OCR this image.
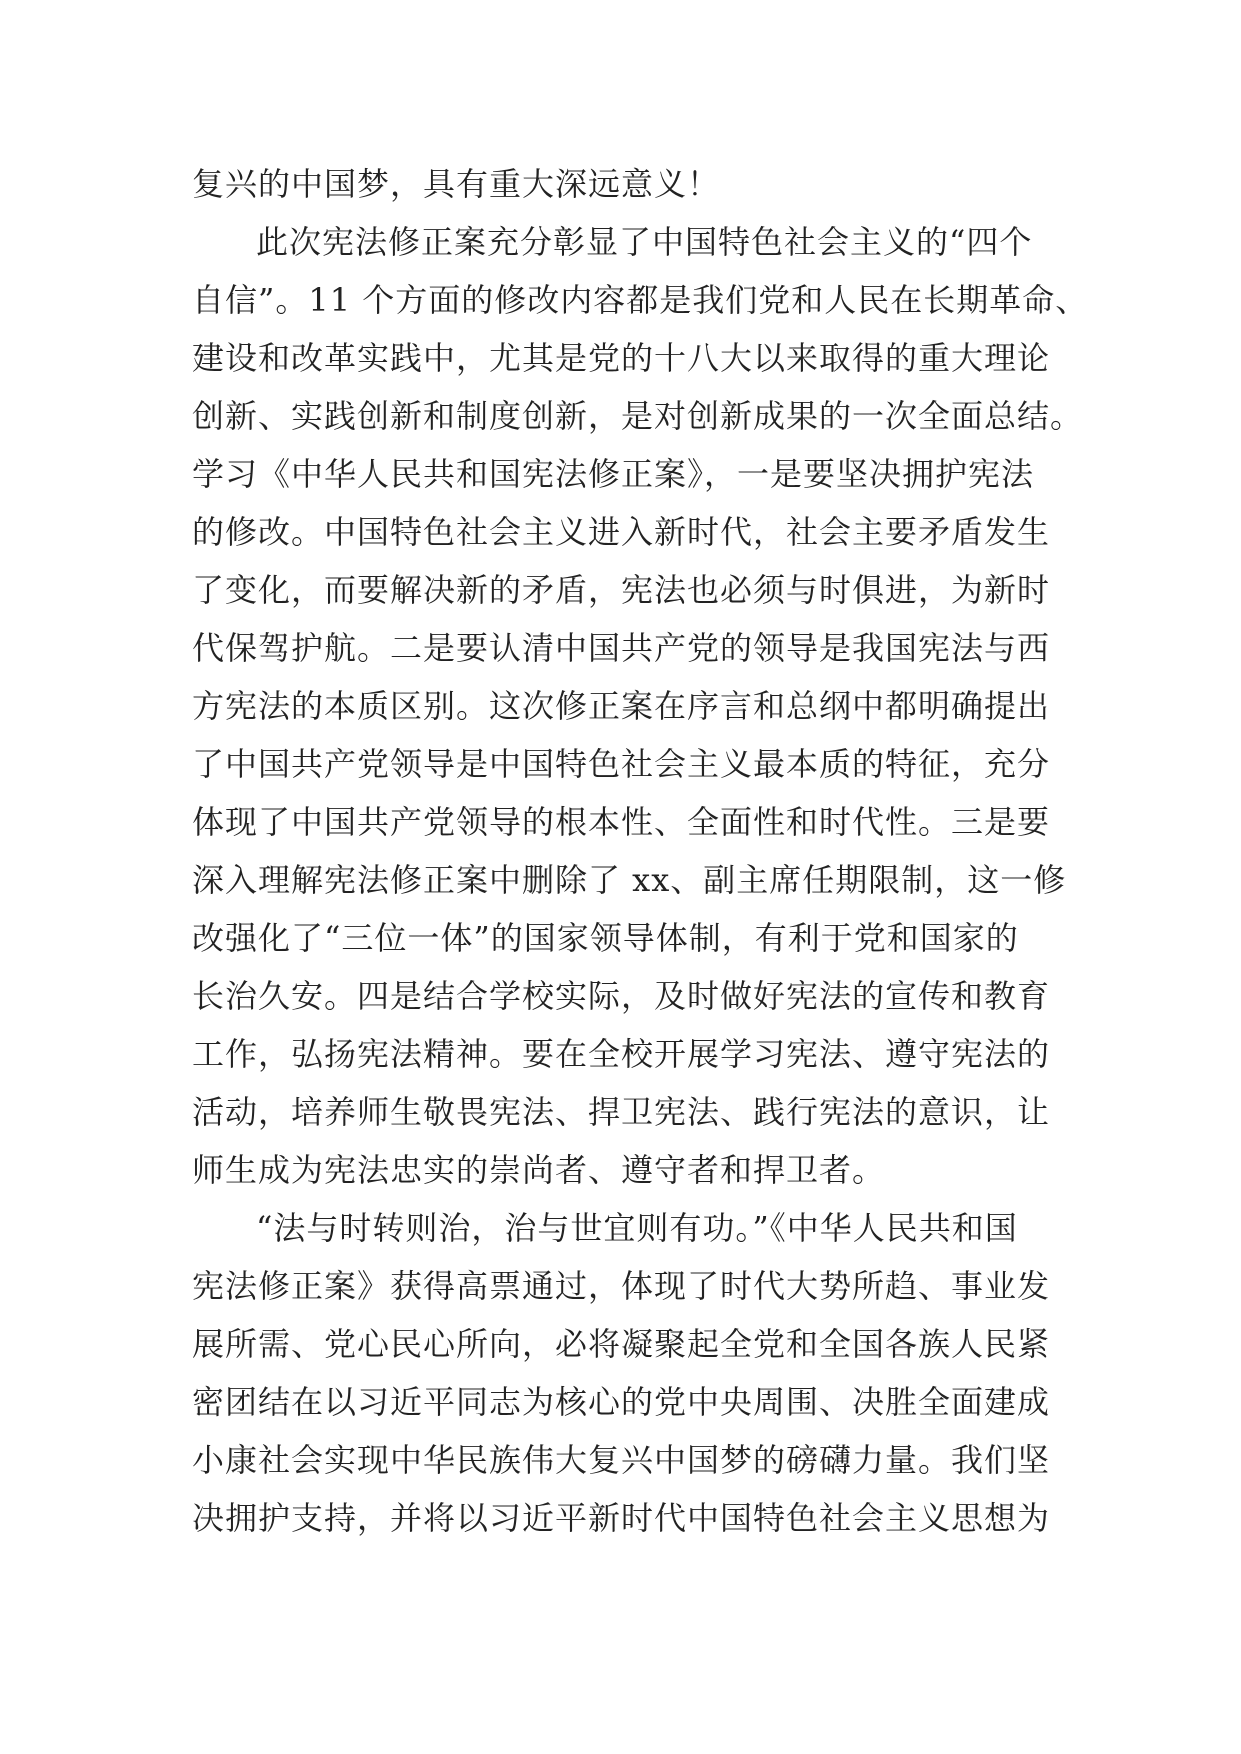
复兴的中国梦，具有重大深远意义！
此次宪法修正案充分彰显了中国特色社会主义的“四个
自信”。11 个方面的修改内容都是我们党和人民在长期革命、
建设和改革实践中，尤其是党的十八大以来取得的重大理论
创新、实践创新和制度创新，是对创新成果的一次全面总结。
学习《中华人民共和国宪法修正案》，一是要坚决拥护宪法
的修改。中国特色社会主义进入新时代，社会主要矛盾发生
了变化，而要解决新的矛盾，宪法也必须与时俱进，为新时
代保驾护航。二是要认清中国共产党的领导是我国宪法与西
方宪法的本质区别。这次修正案在序言和总纲中都明确提出
了中国共产党领导是中国特色社会主义最本质的特征，充分
体现了中国共产党领导的根本性、全面性和时代性。三是要
深入理解宪法修正案中删除了 xx、副主席任期限制，这一修
改强化了“三位一体”的国家领导体制，有利于党和国家的
长治久安。四是结合学校实际，及时做好宪法的宣传和教育
工作，弘扬宪法精神。要在全校开展学习宪法、遵守宪法的
活动，培养师生敬畏宪法、捍卫宪法、践行宪法的意识，让
师生成为宪法忠实的崇尚者、遵守者和捍卫者。
“法与时转则治，治与世宜则有功。”《中华人民共和国
宪法修正案》获得高票通过，体现了时代大势所趋、事业发
展所需、党心民心所向，必将凝聚起全党和全国各族人民紧
密团结在以习近平同志为核心的党中央周围、决胜全面建成
小康社会实现中华民族伟大复兴中国梦的磅礴力量。我们坚
决拥护支持，并将以习近平新时代中国特色社会主义思想为
